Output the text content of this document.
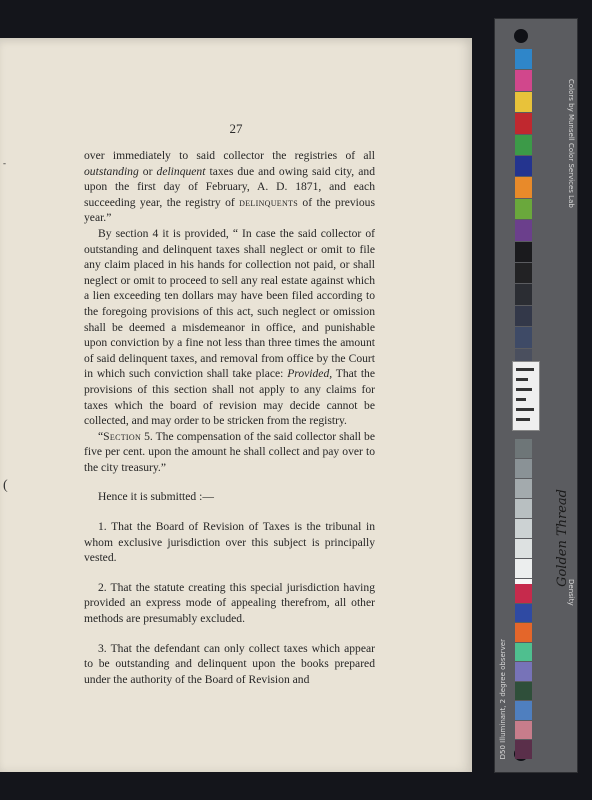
27

over immediately to said collector the registries of all outstanding or delinquent taxes due and owing said city, and upon the first day of February, A. D. 1871, and each succeeding year, the registry of delinquents of the previous year.”

By section 4 it is provided, “ In case the said collector of outstanding and delinquent taxes shall neglect or omit to file any claim placed in his hands for collection not paid, or shall neglect or omit to proceed to sell any real estate against which a lien exceeding ten dollars may have been filed according to the foregoing provisions of this act, such neglect or omission shall be deemed a misdemeanor in office, and punishable upon conviction by a fine not less than three times the amount of said delinquent taxes, and removal from office by the Court in which such conviction shall take place: Provided, That the provisions of this section shall not apply to any claims for taxes which the board of revision may decide cannot be collected, and may order to be stricken from the registry.

“Section 5. The compensation of the said collector shall be five per cent. upon the amount he shall collect and pay over to the city treasury.”

Hence it is submitted :—

1. That the Board of Revision of Taxes is the tribunal in whom exclusive jurisdiction over this subject is principally vested.

2. That the statute creating this special jurisdiction having provided an express mode of appealing therefrom, all other methods are presumably excluded.

3. That the defendant can only collect taxes which appear to be outstanding and delinquent upon the books prepared under the authority of the Board of Revision and

-
(
Colors by Munsell Color Services Lab
Density
D50 Illuminant, 2 degree observer
Golden Thread
